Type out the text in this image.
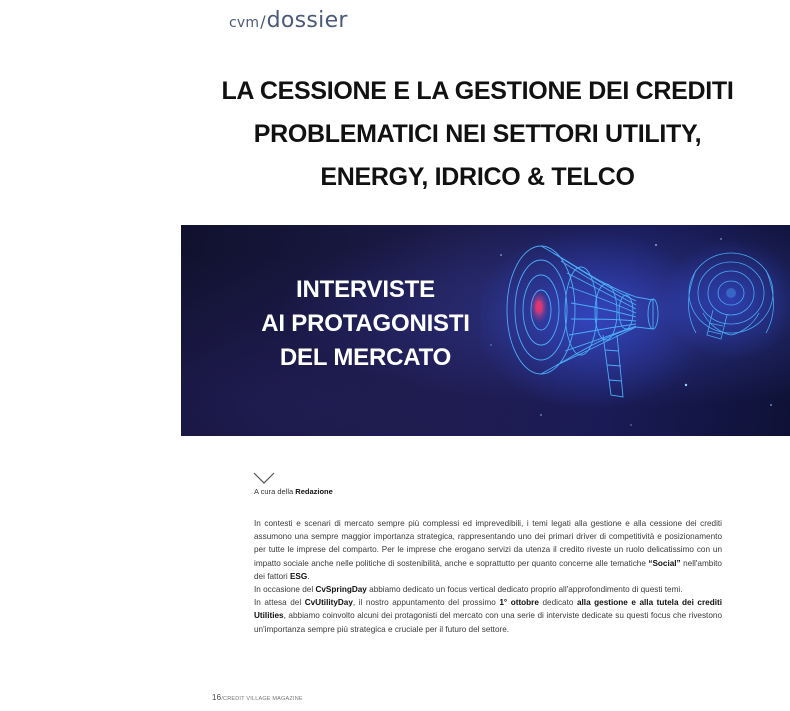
cvm/dossier
LA CESSIONE E LA GESTIONE DEI CREDITI
PROBLEMATICI NEI SETTORI UTILITY,
ENERGY, IDRICO & TELCO
INTERVISTE
AI PROTAGONISTI
DEL MERCATO
A cura della Redazione

In contesti e scenari di mercato sempre più complessi ed imprevedibili, i temi legati alla gestione e alla cessione dei crediti assumono una sempre maggior importanza strategica, rappresentando uno dei primari driver di competitività e posizionamento per tutte le imprese del comparto. Per le imprese che erogano servizi da utenza il credito riveste un ruolo delicatissimo con un impatto sociale anche nelle politiche di sostenibilità, anche e soprattutto per quanto concerne alle tematiche “Social” nell'ambito dei fattori ESG.

In occasione del CvSpringDay abbiamo dedicato un focus vertical dedicato proprio all'approfondimento di questi temi.

In attesa del CvUtilityDay, il nostro appuntamento del prossimo 1° ottobre dedicato alla gestione e alla tutela dei crediti Utilities, abbiamo coinvolto alcuni dei protagonisti del mercato con una serie di interviste dedicate su questi focus che rivestono un'importanza sempre più strategica e cruciale per il futuro del settore.

16/CREDIT VILLAGE MAGAZINE
